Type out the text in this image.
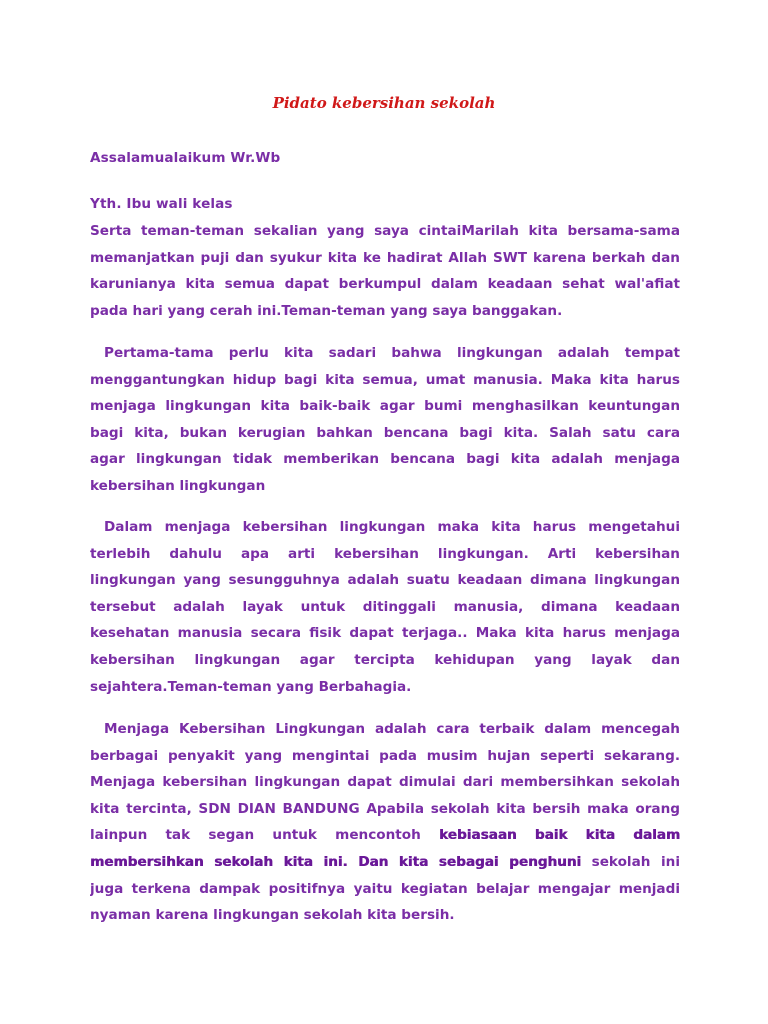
Pidato kebersihan sekolah
Assalamualaikum Wr.Wb
Yth. Ibu wali kelas
Serta teman-teman sekalian yang saya cintaiMarilah kita bersama-sama
memanjatkan puji dan syukur kita ke hadirat Allah SWT karena berkah dan
karunianya kita semua dapat berkumpul dalam keadaan sehat wal'afiat
pada hari yang cerah ini.Teman-teman yang saya banggakan.
Pertama-tama perlu kita sadari bahwa lingkungan adalah tempat
menggantungkan hidup bagi kita semua, umat manusia. Maka kita harus
menjaga lingkungan kita baik-baik agar bumi menghasilkan keuntungan
bagi kita, bukan kerugian bahkan bencana bagi kita. Salah satu cara
agar lingkungan tidak memberikan bencana bagi kita adalah menjaga
kebersihan lingkungan
Dalam menjaga kebersihan lingkungan maka kita harus mengetahui
terlebih dahulu apa arti kebersihan lingkungan. Arti kebersihan
lingkungan yang sesungguhnya adalah suatu keadaan dimana lingkungan
tersebut adalah layak untuk ditinggali manusia, dimana keadaan
kesehatan manusia secara fisik dapat terjaga.. Maka kita harus menjaga
kebersihan lingkungan agar tercipta kehidupan yang layak dan
sejahtera.Teman-teman yang Berbahagia.
Menjaga Kebersihan Lingkungan adalah cara terbaik dalam mencegah
berbagai penyakit yang mengintai pada musim hujan seperti sekarang.
Menjaga kebersihan lingkungan dapat dimulai dari membersihkan sekolah
kita tercinta, SDN DIAN BANDUNG Apabila sekolah kita bersih maka orang
lainpun tak segan untuk mencontoh kebiasaan baik kita dalam
membersihkan sekolah kita ini. Dan kita sebagai penghuni sekolah ini
juga terkena dampak positifnya yaitu kegiatan belajar mengajar menjadi
nyaman karena lingkungan sekolah kita bersih.
